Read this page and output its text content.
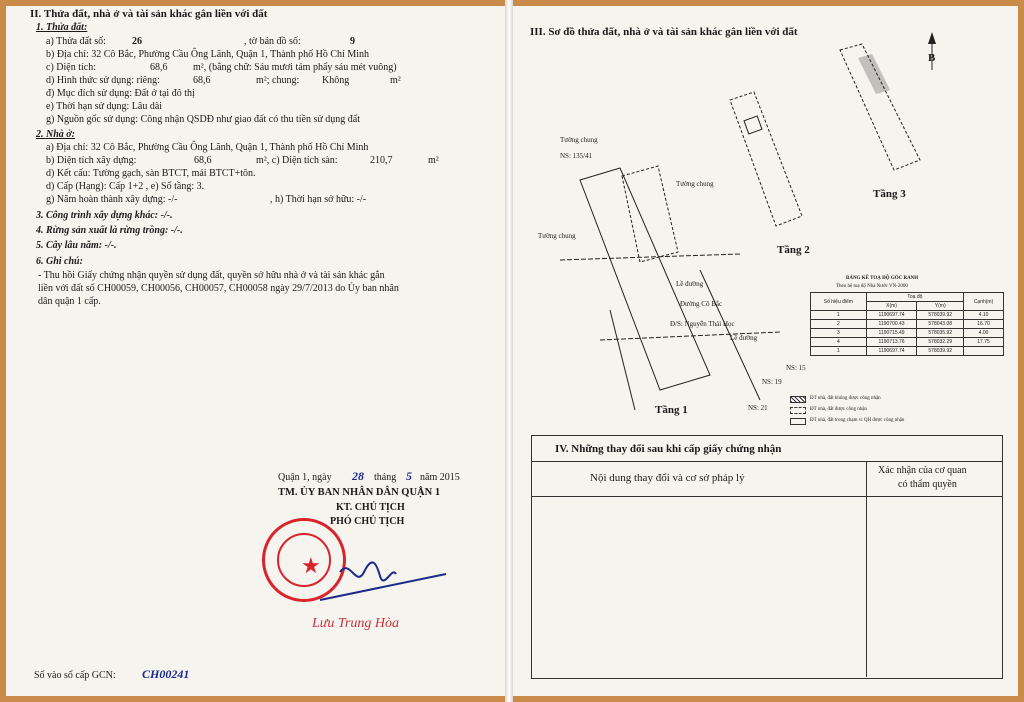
II. Thửa đất, nhà ở và tài sản khác gắn liền với đất
1. Thửa đất:
a) Thửa đất số:	26	, tờ bản đồ số:	9
b) Địa chỉ: 32 Cô Bắc, Phường Cầu Ông Lãnh, Quận 1, Thành phố Hồ Chí Minh
c) Diện tích:	68,6	m², (bằng chữ: Sáu mươi tám phẩy sáu mét vuông)
d) Hình thức sử dụng: riêng:	68,6	m²; chung: Không	m²
đ) Mục đích sử dụng: Đất ở tại đô thị
e) Thời hạn sử dụng: Lâu dài
g) Nguồn gốc sử dụng: Công nhận QSDĐ như giao đất có thu tiền sử dụng đất
2. Nhà ở:
a) Địa chỉ: 32 Cô Bắc, Phường Cầu Ông Lãnh, Quận 1, Thành phố Hồ Chí Minh
b) Diện tích xây dựng:	68,6	m², c) Diện tích sàn:	210,7	m²
d) Kết cấu: Tường gạch, sàn BTCT, mái BTCT+tôn.
d) Cấp (Hạng): Cấp 1+2 , e) Số tầng: 3.
g) Năm hoàn thành xây dựng: -/-	, h) Thời hạn sở hữu: -/-
3. Công trình xây dựng khác: -/-.
4. Rừng sản xuất là rừng trồng: -/-.
5. Cây lâu năm: -/-.
6. Ghi chú:
- Thu hồi Giấy chứng nhận quyền sử dụng đất, quyền sở hữu nhà ở và tài sản khác gắn
liền với đất số CH00059, CH00056, CH00057, CH00058 ngày 29/7/2013 do Ủy ban nhân
dân quận 1 cấp.
Quận 1, ngày 28 tháng 5 năm 2015
TM. ỦY BAN NHÂN DÂN QUẬN 1
KT. CHỦ TỊCH
PHÓ CHỦ TỊCH
★
Lưu Trung Hòa
Số vào sổ cấp GCN: CH00241
III. Sơ đồ thửa đất, nhà ở và tài sản khác gắn liền với đất
B
Tường chung
NS: 135/41
Tường chung
Tường chung
Lề đường
Đường Cô Bắc
Đ/S: Nguyễn Thái Học
Lề đường
NS: 19
NS: 15
NS: 21
Tầng 1
Tầng 2
Tầng 3
BẢNG KÊ TOẠ ĐỘ GÓC RANH
Theo hệ toạ độ Nhà Nước VN-2000
Số hiệu điểm	Toạ độ		Cạnh(m)
	X(m)	Y(m)	
1	1190697.74	578039.92	4.10
2	1190700.43	578043.08	16.70
3	1190715.49	578035.92	4.00
4	1190713.76	578032.29	17.75
1	1190697.74	578039.92	
ĐT nhà, đất không được công nhận
ĐT nhà, đất được công nhận
ĐT nhà, đất trong chạm vi QH được công nhận
IV. Những thay đổi sau khi cấp giấy chứng nhận
Nội dung thay đổi và cơ sở pháp lý
Xác nhận của cơ quan
có thẩm quyền
